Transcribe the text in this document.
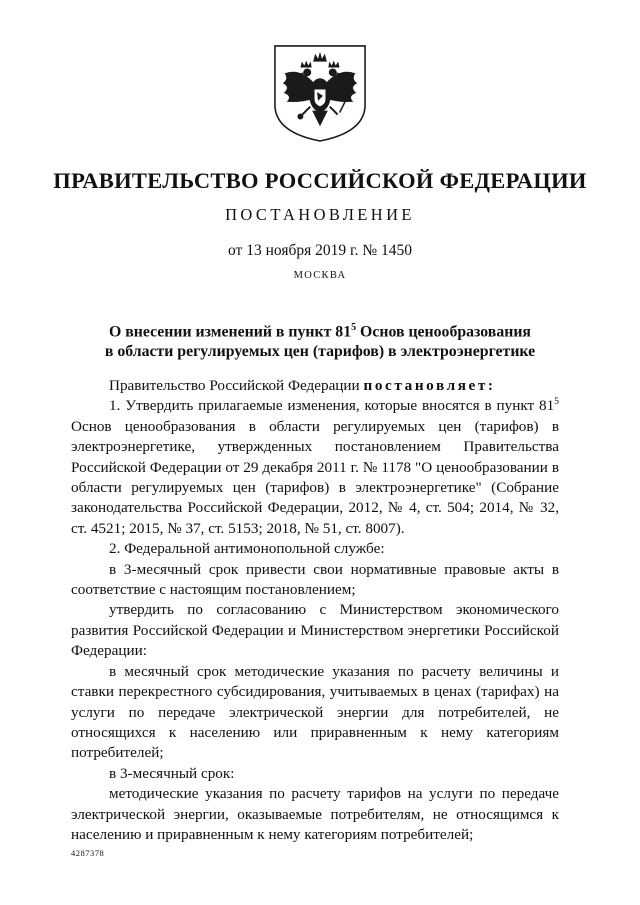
ПРАВИТЕЛЬСТВО РОССИЙСКОЙ ФЕДЕРАЦИИ
ПОСТАНОВЛЕНИЕ
от 13 ноября 2019 г. № 1450
МОСКВА
О внесении изменений в пункт $81^5$ Основ ценообразования
в области регулируемых цен (тарифов) в электроэнергетике

Правительство Российской Федерации постановляет:

1. Утвердить прилагаемые изменения, которые вносятся в пункт $81^5$ Основ ценообразования в области регулируемых цен (тарифов) в электроэнергетике, утвержденных постановлением Правительства Российской Федерации от 29 декабря 2011 г. № 1178 "О ценообразовании в области регулируемых цен (тарифов) в электроэнергетике" (Собрание законодательства Российской Федерации, 2012, № 4, ст. 504; 2014, № 32, ст. 4521; 2015, № 37, ст. 5153; 2018, № 51, ст. 8007).

2. Федеральной антимонопольной службе:

в 3-месячный срок привести свои нормативные правовые акты в соответствие с настоящим постановлением;

утвердить по согласованию с Министерством экономического развития Российской Федерации и Министерством энергетики Российской Федерации:

в месячный срок методические указания по расчету величины и ставки перекрестного субсидирования, учитываемых в ценах (тарифах) на услуги по передаче электрической энергии для потребителей, не относящихся к населению или приравненным к нему категориям потребителей;

в 3-месячный срок:

методические указания по расчету тарифов на услуги по передаче электрической энергии, оказываемые потребителям, не относящимся к населению и приравненным к нему категориям потребителей;

4287378
